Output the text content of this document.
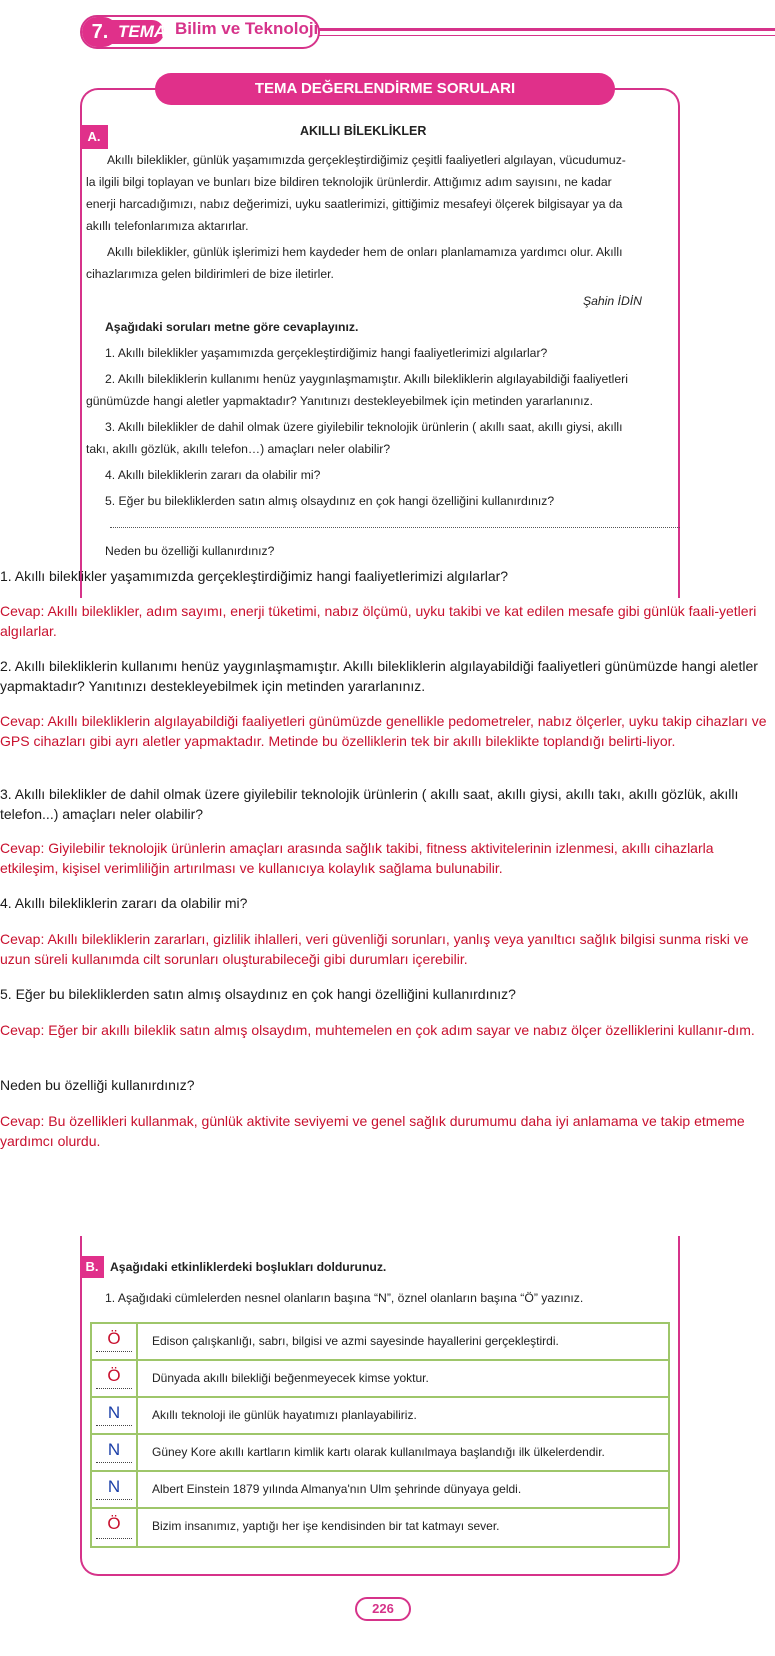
7. TEMA Bilim ve Teknoloji
TEMA DEĞERLENDİRME SORULARI
A.	AKILLI BİLEKLİKLER
Akıllı bileklikler, günlük yaşamımızda gerçekleştirdiğimiz çeşitli faaliyetleri algılayan, vücudumuz-
la ilgili bilgi toplayan ve bunları bize bildiren teknolojik ürünlerdir. Attığımız adım sayısını, ne kadar
enerji harcadığımızı, nabız değerimizi, uyku saatlerimizi, gittiğimiz mesafeyi ölçerek bilgisayar ya da
akıllı telefonlarımıza aktarırlar.
Akıllı bileklikler, günlük işlerimizi hem kaydeder hem de onları planlamamıza yardımcı olur. Akıllı
cihazlarımıza gelen bildirimleri de bize iletirler.
Şahin İDİN
Aşağıdaki soruları metne göre cevaplayınız.
1. Akıllı bileklikler yaşamımızda gerçekleştirdiğimiz hangi faaliyetlerimizi algılarlar?
2. Akıllı bilekliklerin kullanımı henüz yaygınlaşmamıştır. Akıllı bilekliklerin algılayabildiği faaliyetleri
günümüzde hangi aletler yapmaktadır? Yanıtınızı destekleyebilmek için metinden yararlanınız.
3. Akıllı bileklikler de dahil olmak üzere giyilebilir teknolojik ürünlerin ( akıllı saat, akıllı giysi, akıllı
takı, akıllı gözlük, akıllı telefon…) amaçları neler olabilir?
4. Akıllı bilekliklerin zararı da olabilir mi?
5. Eğer bu bilekliklerden satın almış olsaydınız en çok hangi özelliğini kullanırdınız?
Neden bu özelliği kullanırdınız?
1. Akıllı bileklikler yaşamımızda gerçekleştirdiğimiz hangi faaliyetlerimizi algılarlar?
Cevap: Akıllı bileklikler, adım sayımı, enerji tüketimi, nabız ölçümü, uyku takibi ve kat edilen mesafe gibi günlük faali-yetleri algılarlar.
2. Akıllı bilekliklerin kullanımı henüz yaygınlaşmamıştır. Akıllı bilekliklerin algılayabildiği faaliyetleri günümüzde hangi aletler yapmaktadır? Yanıtınızı destekleyebilmek için metinden yararlanınız.
Cevap: Akıllı bilekliklerin algılayabildiği faaliyetleri günümüzde genellikle pedometreler, nabız ölçerler, uyku takip cihazları ve GPS cihazları gibi ayrı aletler yapmaktadır. Metinde bu özelliklerin tek bir akıllı bileklikte toplandığı belirti-liyor.
3. Akıllı bileklikler de dahil olmak üzere giyilebilir teknolojik ürünlerin ( akıllı saat, akıllı giysi, akıllı takı, akıllı gözlük, akıllı telefon...) amaçları neler olabilir?
Cevap: Giyilebilir teknolojik ürünlerin amaçları arasında sağlık takibi, fitness aktivitelerinin izlenmesi, akıllı cihazlarla etkileşim, kişisel verimliliğin artırılması ve kullanıcıya kolaylık sağlama bulunabilir.
4. Akıllı bilekliklerin zararı da olabilir mi?
Cevap: Akıllı bilekliklerin zararları, gizlilik ihlalleri, veri güvenliği sorunları, yanlış veya yanıltıcı sağlık bilgisi sunma riski ve uzun süreli kullanımda cilt sorunları oluşturabileceği gibi durumları içerebilir.
5. Eğer bu bilekliklerden satın almış olsaydınız en çok hangi özelliğini kullanırdınız?
Cevap: Eğer bir akıllı bileklik satın almış olsaydım, muhtemelen en çok adım sayar ve nabız ölçer özelliklerini kullanır-dım.
Neden bu özelliği kullanırdınız?
Cevap: Bu özellikleri kullanmak, günlük aktivite seviyemi ve genel sağlık durumumu daha iyi anlamama ve takip etmeme yardımcı olurdu.
B. Aşağıdaki etkinliklerdeki boşlukları doldurunuz.
1. Aşağıdaki cümlelerden nesnel olanların başına “N”, öznel olanların başına “Ö” yazınız.
Ö	Edison çalışkanlığı, sabrı, bilgisi ve azmi sayesinde hayallerini gerçekleştirdi.
Ö	Dünyada akıllı bilekliği beğenmeyecek kimse yoktur.
N	Akıllı teknoloji ile günlük hayatımızı planlayabiliriz.
N	Güney Kore akıllı kartların kimlik kartı olarak kullanılmaya başlandığı ilk ülkelerdendir.
N	Albert Einstein 1879 yılında Almanya'nın Ulm şehrinde dünyaya geldi.
Ö	Bizim insanımız, yaptığı her işe kendisinden bir tat katmayı sever.
226
